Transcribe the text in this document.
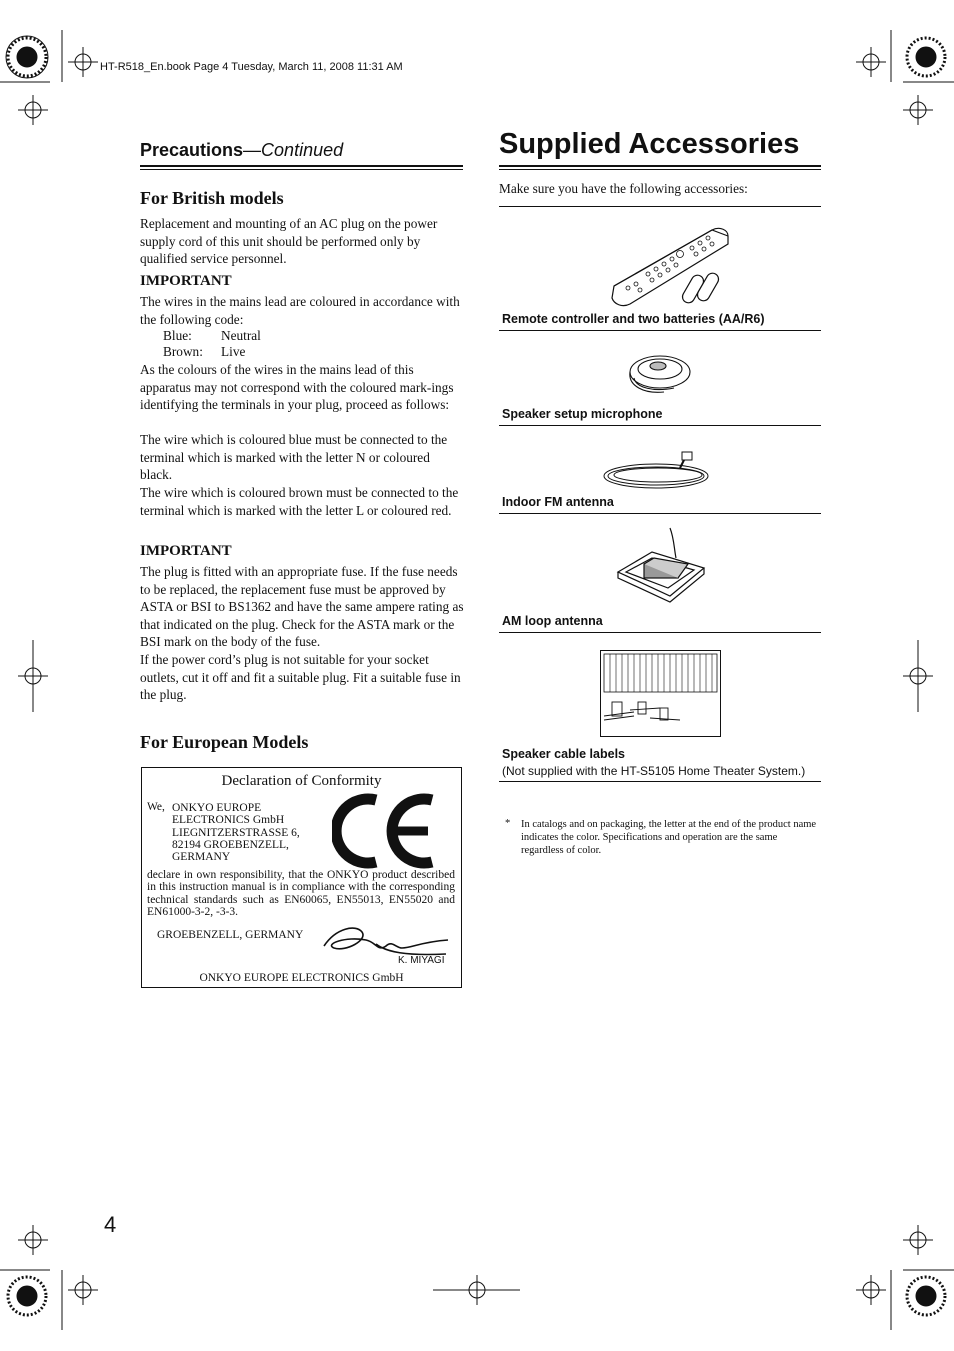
HT-R518_En.book Page 4 Tuesday, March 11, 2008 11:31 AM
Precautions—Continued
For British models
Replacement and mounting of an AC plug on the power supply cord of this unit should be performed only by qualified service personnel.
IMPORTANT
The wires in the mains lead are coloured in accordance with the following code:
Blue: Neutral
Brown: Live
As the colours of the wires in the mains lead of this apparatus may not correspond with the coloured mark-ings identifying the terminals in your plug, proceed as follows:
The wire which is coloured blue must be connected to the terminal which is marked with the letter N or coloured black.
The wire which is coloured brown must be connected to the terminal which is marked with the letter L or coloured red.
IMPORTANT
The plug is fitted with an appropriate fuse. If the fuse needs to be replaced, the replacement fuse must be approved by ASTA or BSI to BS1362 and have the same ampere rating as that indicated on the plug. Check for the ASTA mark or the BSI mark on the body of the fuse.
If the power cord’s plug is not suitable for your socket outlets, cut it off and fit a suitable plug. Fit a suitable fuse in the plug.
For European Models
Declaration of Conformity
We, ONKYO EUROPE
ELECTRONICS GmbH
LIEGNITZERSTRASSE 6,
82194 GROEBENZELL,
GERMANY
declare in own responsibility, that the ONKYO product described in this instruction manual is in compliance with the corresponding technical standards such as EN60065, EN55013, EN55020 and EN61000-3-2, -3-3.
GROEBENZELL, GERMANY
K. MIYAGI
ONKYO EUROPE ELECTRONICS GmbH
Supplied Accessories
Make sure you have the following accessories:
Remote controller and two batteries (AA/R6)
Speaker setup microphone
Indoor FM antenna
AM loop antenna
Speaker cable labels
(Not supplied with the HT-S5105 Home Theater System.)
* In catalogs and on packaging, the letter at the end of the product name indicates the color. Specifications and operation are the same regardless of color.
4
